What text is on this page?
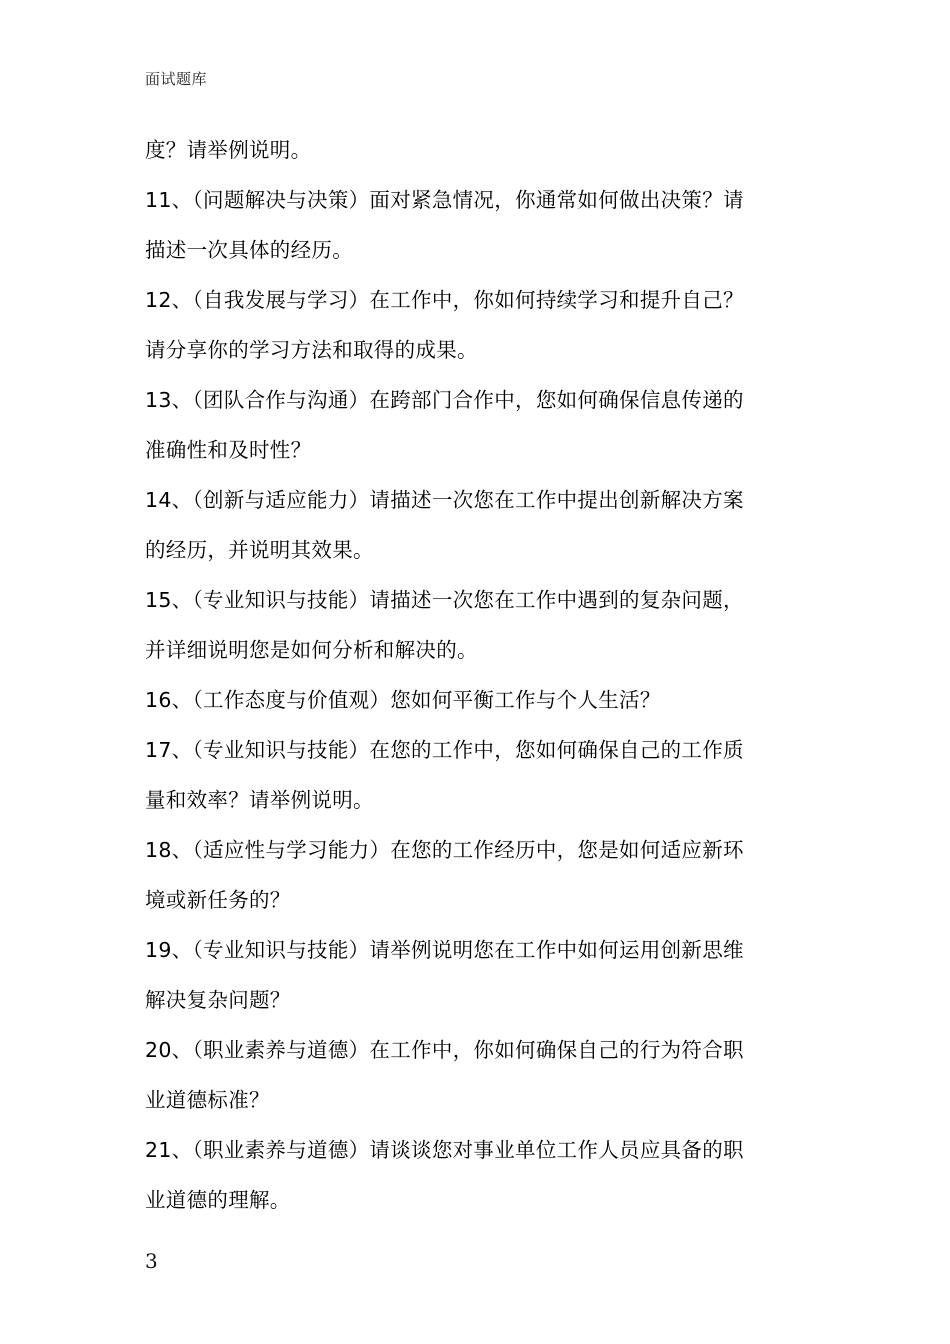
面试题库
度？请举例说明。
11、（问题解决与决策）面对紧急情况，你通常如何做出决策？请
描述一次具体的经历。
12、（自我发展与学习）在工作中，你如何持续学习和提升自己？
请分享你的学习方法和取得的成果。
13、（团队合作与沟通）在跨部门合作中，您如何确保信息传递的
准确性和及时性？
14、（创新与适应能力）请描述一次您在工作中提出创新解决方案
的经历，并说明其效果。
15、（专业知识与技能）请描述一次您在工作中遇到的复杂问题，
并详细说明您是如何分析和解决的。
16、（工作态度与价值观）您如何平衡工作与个人生活？
17、（专业知识与技能）在您的工作中，您如何确保自己的工作质
量和效率？请举例说明。
18、（适应性与学习能力）在您的工作经历中，您是如何适应新环
境或新任务的？
19、（专业知识与技能）请举例说明您在工作中如何运用创新思维
解决复杂问题？
20、（职业素养与道德）在工作中，你如何确保自己的行为符合职
业道德标准？
21、（职业素养与道德）请谈谈您对事业单位工作人员应具备的职
业道德的理解。
3
